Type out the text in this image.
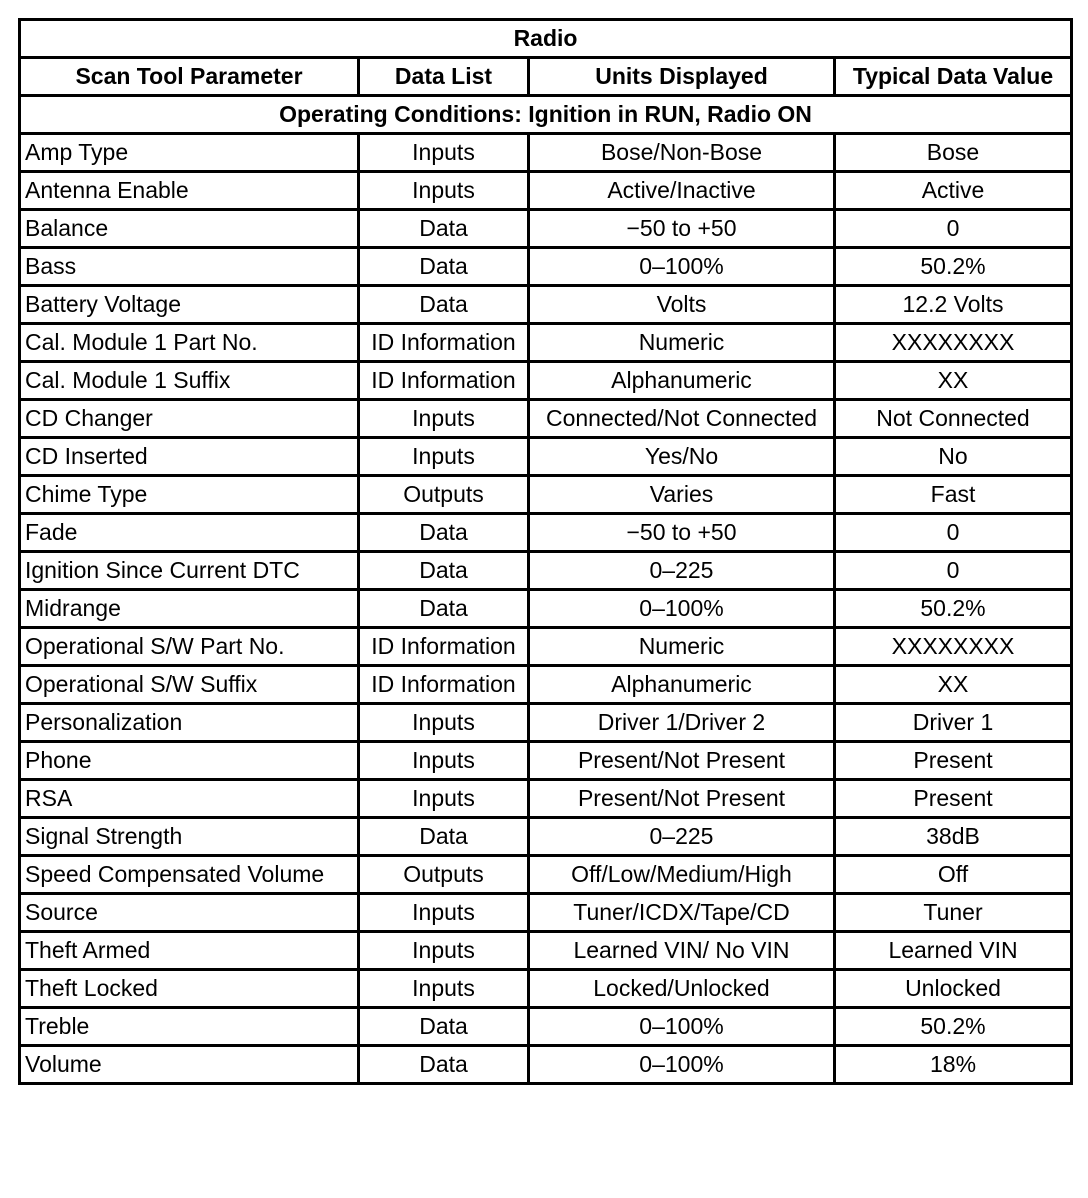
Radio			
Scan Tool Parameter	Data List	Units Displayed	Typical Data Value
Operating Conditions: Ignition in RUN, Radio ON			
Amp Type	Inputs	Bose/Non-Bose	Bose
Antenna Enable	Inputs	Active/Inactive	Active
Balance	Data	−50 to +50	0
Bass	Data	0–100%	50.2%
Battery Voltage	Data	Volts	12.2 Volts
Cal. Module 1 Part No.	ID Information	Numeric	XXXXXXXX
Cal. Module 1 Suffix	ID Information	Alphanumeric	XX
CD Changer	Inputs	Connected/Not Connected	Not Connected
CD Inserted	Inputs	Yes/No	No
Chime Type	Outputs	Varies	Fast
Fade	Data	−50 to +50	0
Ignition Since Current DTC	Data	0–225	0
Midrange	Data	0–100%	50.2%
Operational S/W Part No.	ID Information	Numeric	XXXXXXXX
Operational S/W Suffix	ID Information	Alphanumeric	XX
Personalization	Inputs	Driver 1/Driver 2	Driver 1
Phone	Inputs	Present/Not Present	Present
RSA	Inputs	Present/Not Present	Present
Signal Strength	Data	0–225	38dB
Speed Compensated Volume	Outputs	Off/Low/Medium/High	Off
Source	Inputs	Tuner/ICDX/Tape/CD	Tuner
Theft Armed	Inputs	Learned VIN/ No VIN	Learned VIN
Theft Locked	Inputs	Locked/Unlocked	Unlocked
Treble	Data	0–100%	50.2%
Volume	Data	0–100%	18%
